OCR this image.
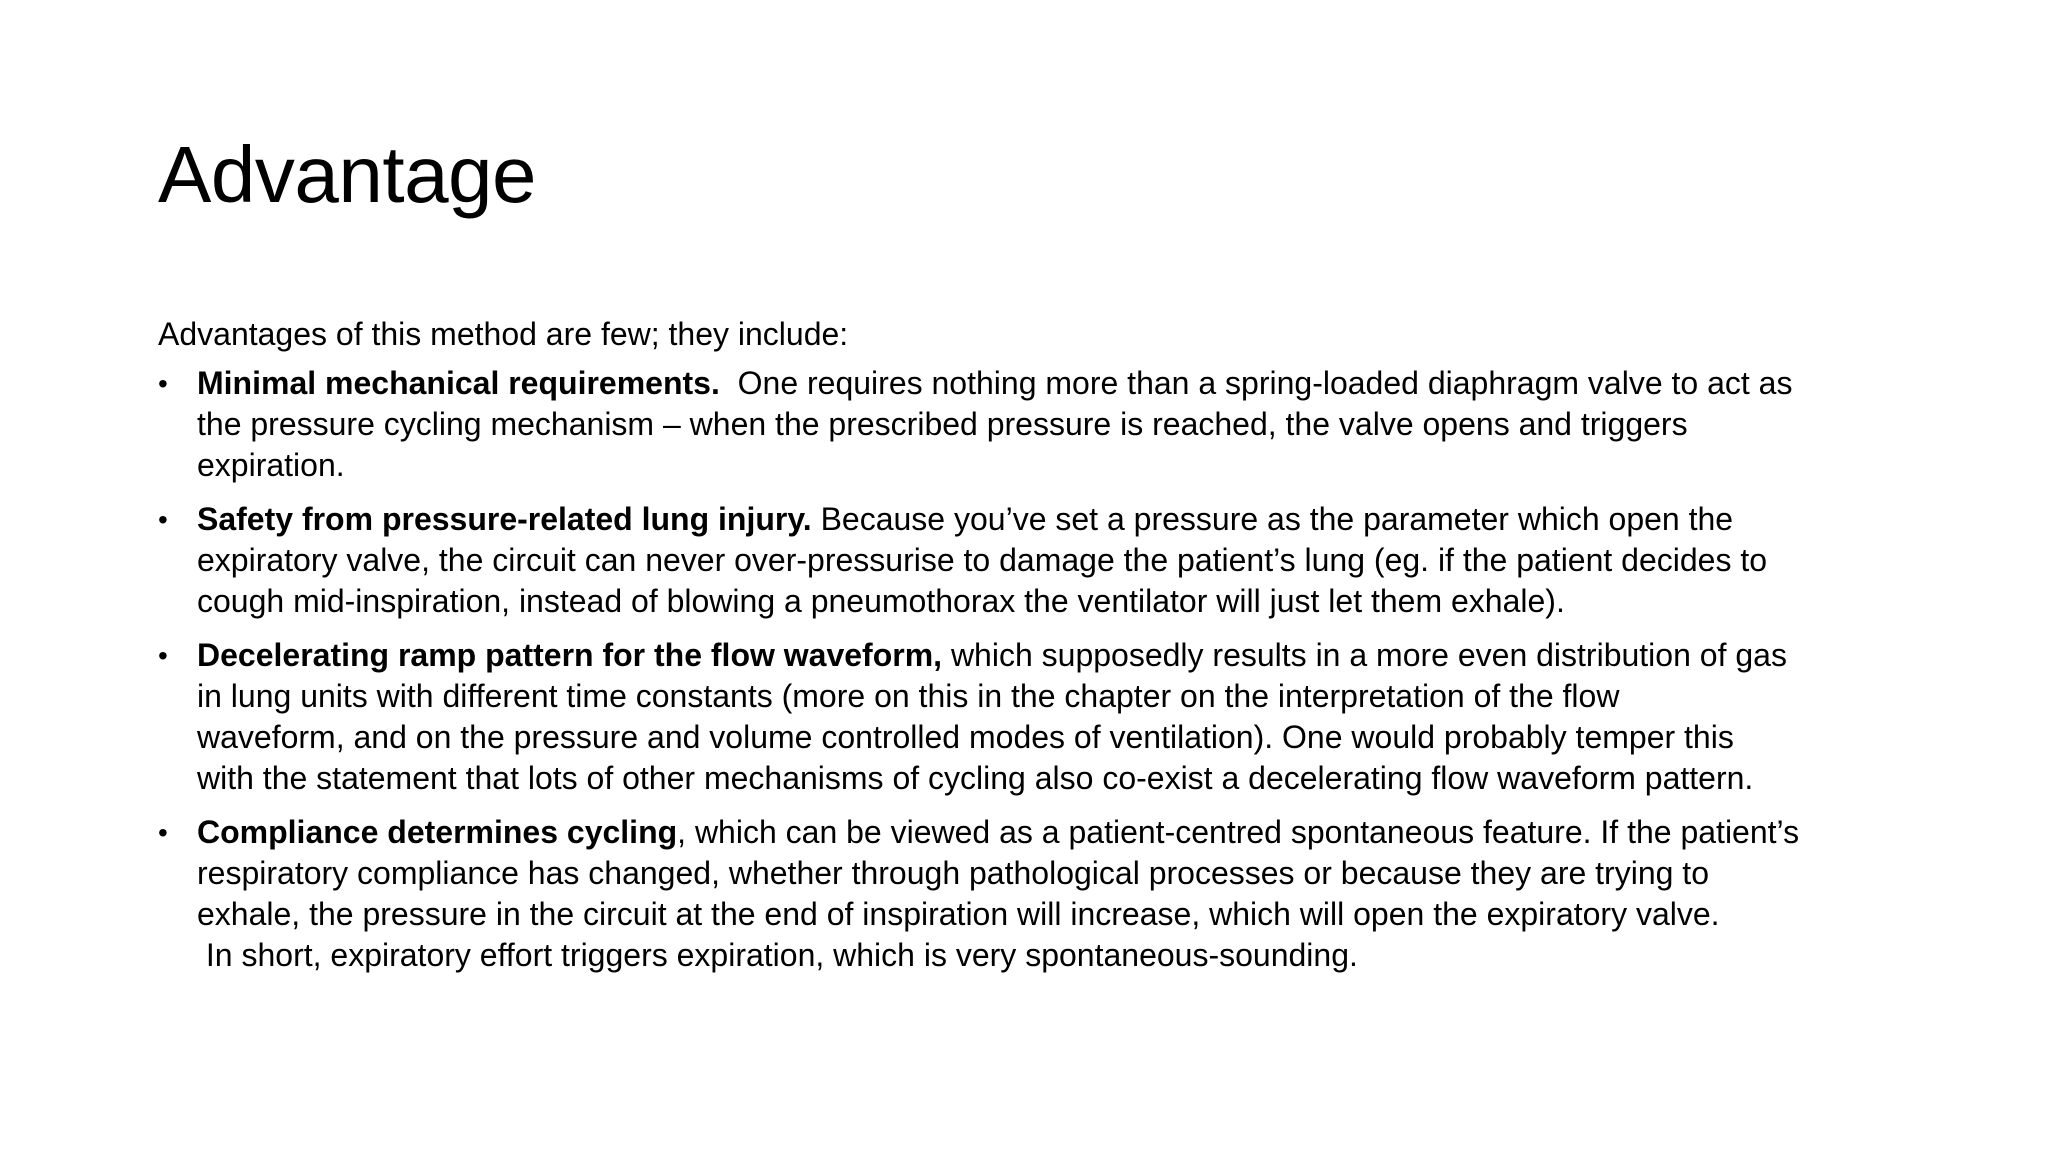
Advantage

Advantages of this method are few; they include:

• Minimal mechanical requirements.  One requires nothing more than a spring-loaded diaphragm valve to act as
the pressure cycling mechanism – when the prescribed pressure is reached, the valve opens and triggers
expiration.
• Safety from pressure-related lung injury. Because you’ve set a pressure as the parameter which open the
expiratory valve, the circuit can never over-pressurise to damage the patient’s lung (eg. if the patient decides to
cough mid-inspiration, instead of blowing a pneumothorax the ventilator will just let them exhale).
• Decelerating ramp pattern for the flow waveform, which supposedly results in a more even distribution of gas
in lung units with different time constants (more on this in the chapter on the interpretation of the flow
waveform, and on the pressure and volume controlled modes of ventilation). One would probably temper this
with the statement that lots of other mechanisms of cycling also co-exist a decelerating flow waveform pattern.
• Compliance determines cycling, which can be viewed as a patient-centred spontaneous feature. If the patient’s
respiratory compliance has changed, whether through pathological processes or because they are trying to
exhale, the pressure in the circuit at the end of inspiration will increase, which will open the expiratory valve.
In short, expiratory effort triggers expiration, which is very spontaneous-sounding.
